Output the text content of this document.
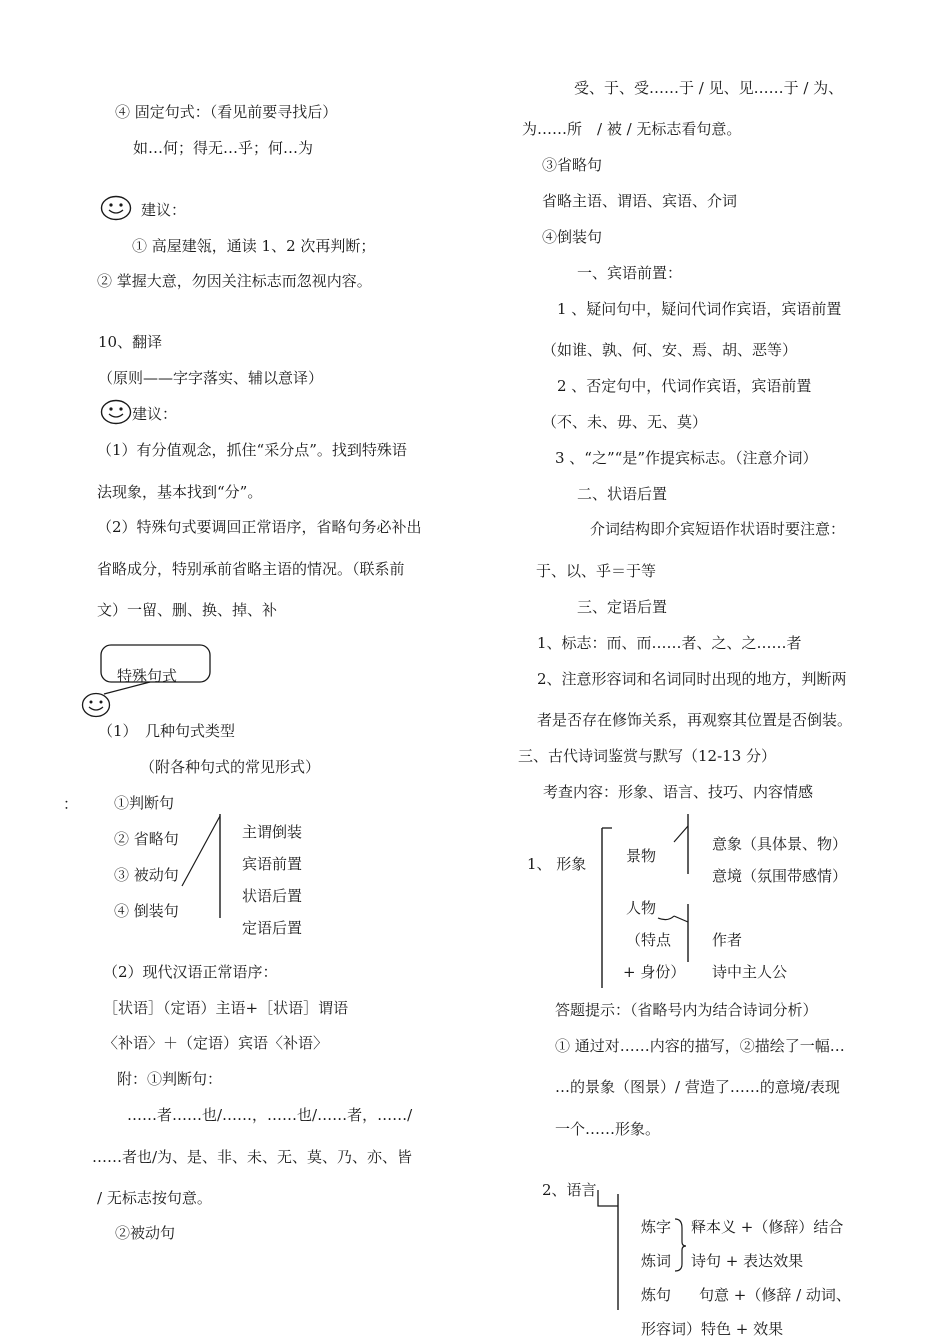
④ 固定句式：（看见前要寻找后）
如…何；得无…乎；何…为
建议：
① 高屋建瓴，通读 1、2 次再判断；
② 掌握大意，勿因关注标志而忽视内容。
10、翻译
（原则——字字落实、辅以意译）
建议：
（1）有分值观念，抓住“采分点”。找到特殊语
法现象，基本找到“分”。
（2）特殊句式要调回正常语序，省略句务必补出
省略成分，特别承前省略主语的情况。（联系前
文）一留、删、换、掉、补
特殊句式
（1）　几种句式类型
（附各种句式的常见形式）
： ①判断句
② 省略句
③ 被动句
④ 倒装句
主谓倒装
宾语前置
状语后置
定语后置
（2）现代汉语正常语序：
［状语］（定语）主语+［状语］谓语
〈补语〉＋（定语）宾语〈补语〉
附：①判断句：
……者……也/……，……也/……者，……/
……者也/为、是、非、未、无、莫、乃、亦、皆
/ 无标志按句意。
②被动句
受、于、受……于 / 见、见……于 / 为、
为……所　/ 被 / 无标志看句意。
③省略句
省略主语、谓语、宾语、介词
④倒装句
一、宾语前置：
1 、疑问句中，疑问代词作宾语，宾语前置
（如谁、孰、何、安、焉、胡、恶等）
2 、否定句中，代词作宾语，宾语前置
（不、未、毋、无、莫）
3 、“之”“是”作提宾标志。（注意介词）
二、状语后置
介词结构即介宾短语作状语时要注意：
于、以、乎＝于等
三、定语后置
1、标志：而、而……者、之、之……者
2、注意形容词和名词同时出现的地方，判断两
者是否存在修饰关系，再观察其位置是否倒装。
三、古代诗词鉴赏与默写（12-13 分）
考查内容：形象、语言、技巧、内容情感
1、 形象	景物
意象（具体景、物）
意境（氛围带感情）
人物
（特点
+ 身份）
作者
诗中主人公
答题提示：（省略号内为结合诗词分析）
① 通过对……内容的描写，②描绘了一幅…
…的景象（图景）/ 营造了……的意境/表现
一个……形象。
2、语言
炼字 释本义 +（修辞）结合
炼词 诗句 + 表达效果
炼句 句意 +（修辞 / 动词、
形容词）特色 + 效果
